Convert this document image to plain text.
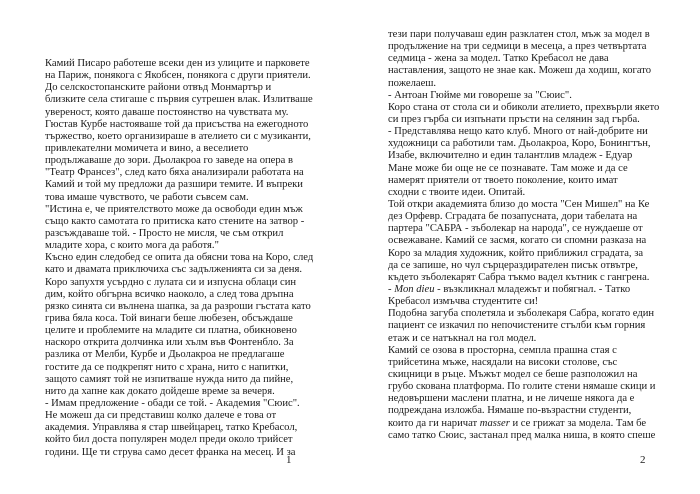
Камий Писаро работеше всеки ден из улиците и парковете
на Париж, понякога с Якобсен, понякога с други приятели.
До селскостопанските райони отвъд Монмартър и
близките села стигаше с първия сутрешен влак. Излитваше
увереност, която даваше постоянство на чувствата му.
Гюстав Курбе настояваше той да присъства на ежегодното
тържество, което организираше в ателието си с музиканти,
привлекателни момичета и вино, а веселието
продължаваше до зори. Дьолакроа го заведе на опера в
"Театр Франсез", след като бяха анализирали работата на
Камий и той му предложи да разшири темите. И въпреки
това имаше чувството, че работи съвсем сам.
"Истина е, че приятелството може да освободи един мъж
също както самотата го притиска като стените на затвор -
разсъждаваше той. - Просто не мисля, че съм открил
младите хора, с които мога да работя."
Късно един следобед се опита да обясни това на Коро, след
като и двамата приключиха със задълженията си за деня.
Коро запухтя усърдно с лулата си и изпусна облаци син
дим, който обгърна всичко наоколо, а след това дръпна
рязко синята си вълнена шапка, за да разроши гъстата като
грива бяла коса. Той винаги беше любезен, обсъждаше
целите и проблемите на младите си платна, обикновено
наскоро открита долчинка или хълм във Фонтенбло. За
разлика от Мелби, Курбе и Дьолакроа не предлагаше
гостите да се подкрепят нито с храна, нито с напитки,
защото самият той не изпитваше нужда нито да пийне,
нито да хапне как докато дойдеше време за вечеря.
- Имам предложение - обади се той. - Академия "Сюис".
Не можеш да си представиш колко далече е това от
академия. Управлява я стар швейцарец, татко Кребасол,
който бил доста популярен модел преди около трийсет
години. Ще ти струва само десет франка на месец. И за
1
тези пари получаваш един разклатен стол, мъж за модел в
продължение на три седмици в месеца, а през четвъртата
седмица - жена за модел. Татко Кребасол не дава
наставления, защото не знае как. Можеш да ходиш, когато
пожелаеш.
- Антоан Гюйме ми говореше за "Сюис".
Коро стана от стола си и обиколи ателието, прехвърли якето
си през гърба си изпънати пръсти на селянин зад гърба.
- Представлява нещо като клуб. Много от най-добрите ни
художници са работили там. Дьолакроа, Коро, Бонингтън,
Изабе, включително и един талантлив младеж - Едуар
Мане може би още не се познавате. Там може и да се
намерят приятели от твоето поколение, които имат
сходни с твоите идеи. Опитай.
Той откри академията близо до моста "Сен Мишел" на Ке
дез Орфевр. Сградата бе позапусната, дори табелата на
партера "САБРА - зъболекар на народа", се нуждаеше от
освежаване. Камий се засмя, когато си спомни разказа на
Коро за младия художник, който приближил сградата, за
да се запише, но чул сърцераздирателен писък отвътре,
където зъболекарят Сабра тъкмо вадел кътник с гангрена.
- Mon dieu - възкликнал младежът и побягнал. - Татко
Кребасол измъчва студентите си!
Подобна загуба сполетяла и зъболекаря Сабра, когато един
пациент се изкачил по непочистените стълби към горния
етаж и се натъкнал на гол модел.
Камий се озова в просторна, семпла прашна стая с
трийсетина мъже, насядали на високи столове, със
скицници в ръце. Мъжът модел се беше разположил на
грубо скована платформа. По голите стени нямаше скици и
недовършени маслени платна, и не личеше някога да е
подреждана изложба. Нямаше по-възрастни студенти,
които да ги наричат masser и се грижат за модела. Там бе
само татко Сюис, застанал пред малка ниша, в която спеше
2
